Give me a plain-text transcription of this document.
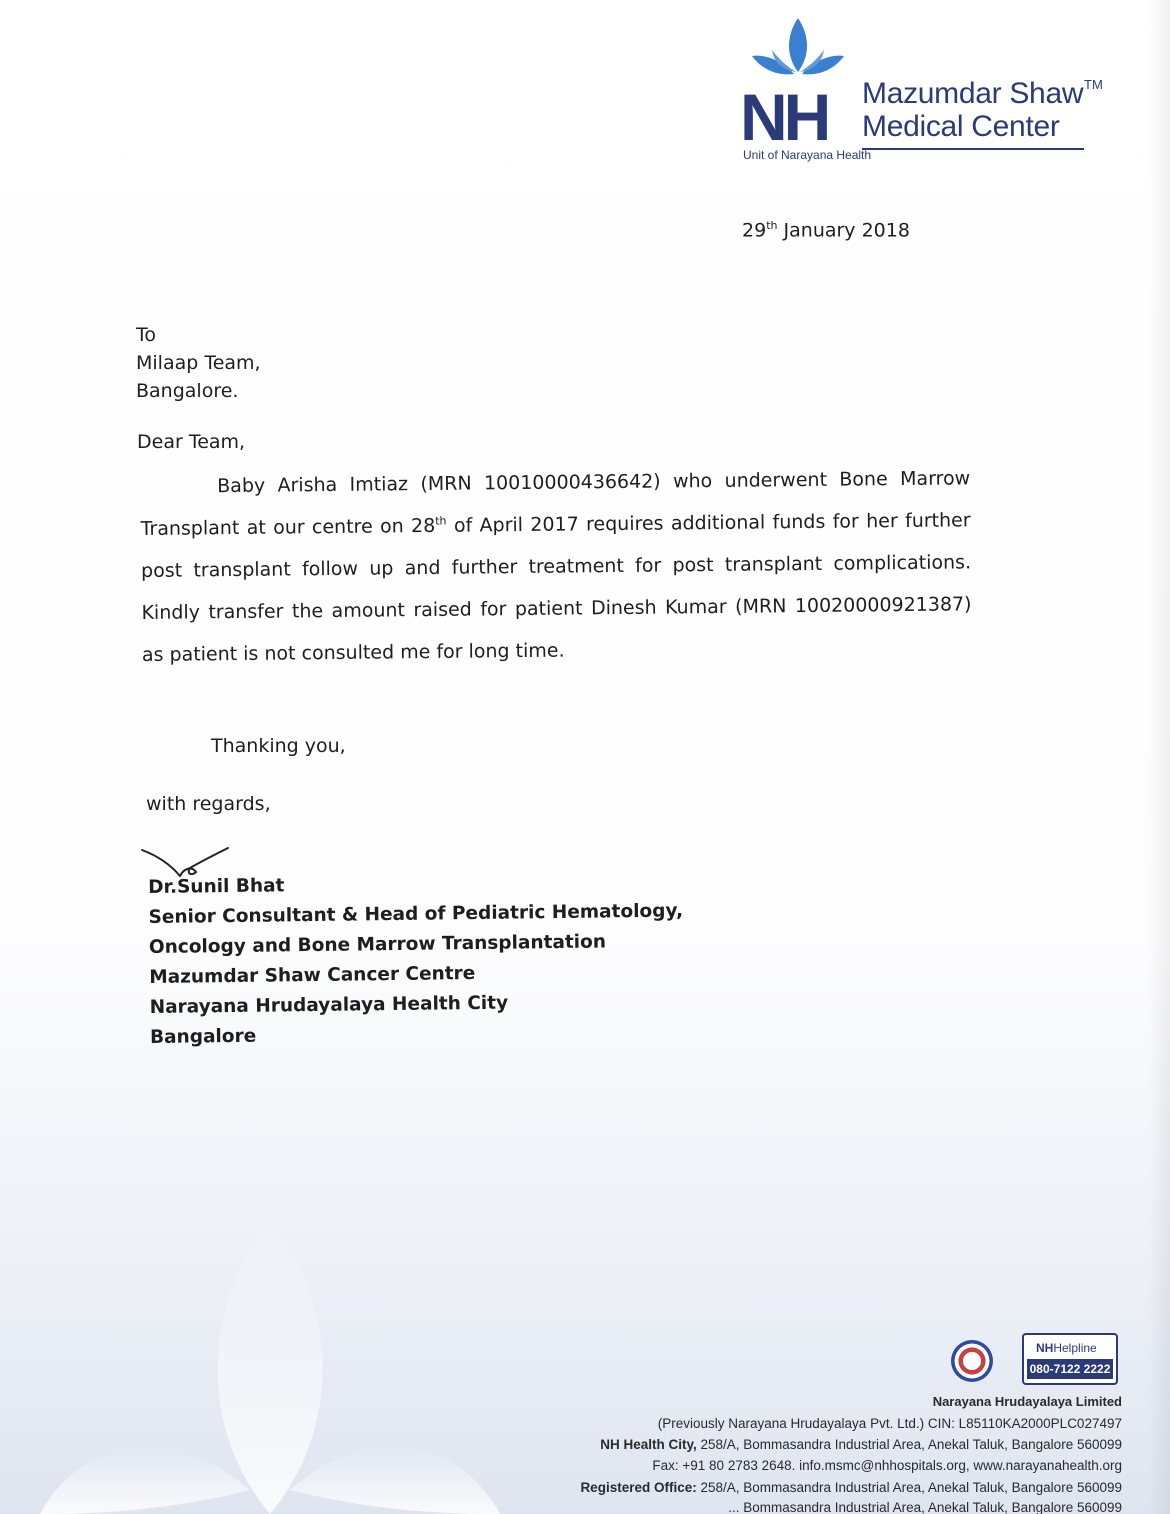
NH Mazumdar Shaw TM
Medical Center
Unit of Narayana Health
29th January 2018
To
Milaap Team,
Bangalore.
Dear Team,

Baby Arisha Imtiaz (MRN 10010000436642) who underwent Bone Marrow Transplant at our centre on 28th of April 2017 requires additional funds for her further post transplant follow up and further treatment for post transplant complications. Kindly transfer the amount raised for patient Dinesh Kumar (MRN 10020000921387) as patient is not consulted me for long time.

Thanking you,
with regards,
Dr.Sunil Bhat
Senior Consultant & Head of Pediatric Hematology,
Oncology and Bone Marrow Transplantation
Mazumdar Shaw Cancer Centre
Narayana Hrudayalaya Health City
Bangalore
NHHelpline
080-7122 2222
Narayana Hrudayalaya Limited
(Previously Narayana Hrudayalaya Pvt. Ltd.) CIN: L85110KA2000PLC027497
NH Health City, 258/A, Bommasandra Industrial Area, Anekal Taluk, Bangalore 560099
Fax: +91 80 2783 2648. info.msmc@nhhospitals.org, www.narayanahealth.org
Registered Office: 258/A, Bommasandra Industrial Area, Anekal Taluk, Bangalore 560099
... Bommasandra Industrial Area, Anekal Taluk, Bangalore 560099
